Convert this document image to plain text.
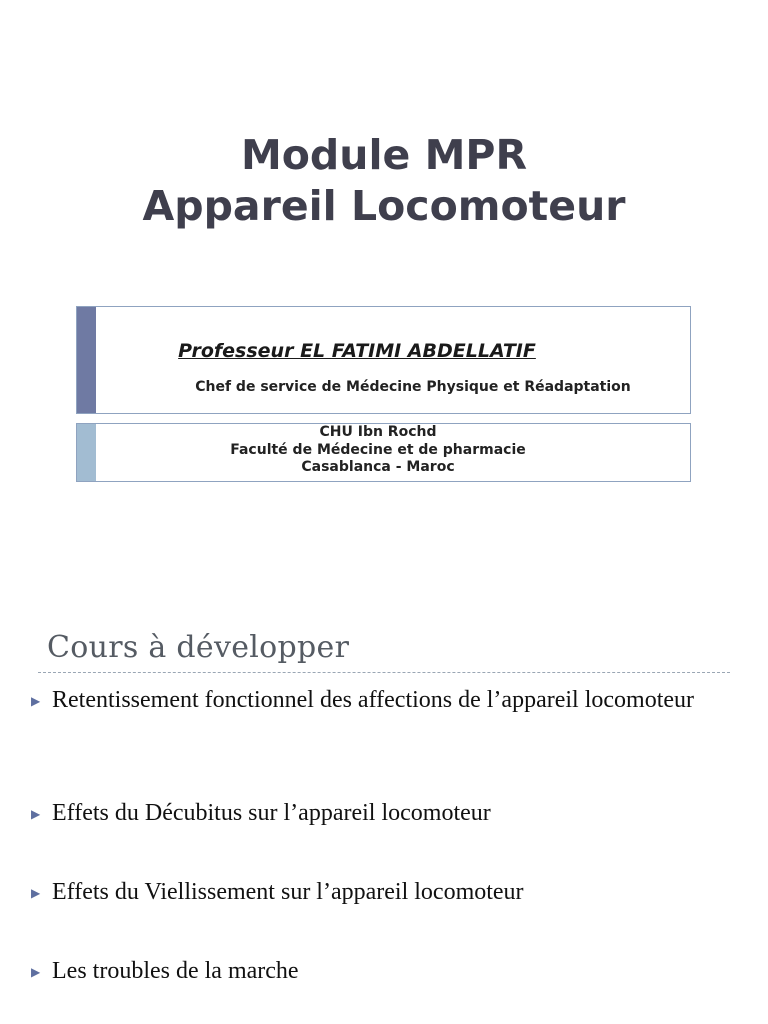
Module MPR
Appareil Locomoteur
Professeur EL FATIMI ABDELLATIF
Chef de service de Médecine Physique et Réadaptation
CHU Ibn Rochd
Faculté de Médecine et de pharmacie
Casablanca - Maroc
Cours à développer
▶ Retentissement fonctionnel des affections de l’appareil locomoteur
▶ Effets du Décubitus sur l’appareil locomoteur
▶ Effets du Viellissement sur l’appareil locomoteur
▶ Les troubles de la marche
